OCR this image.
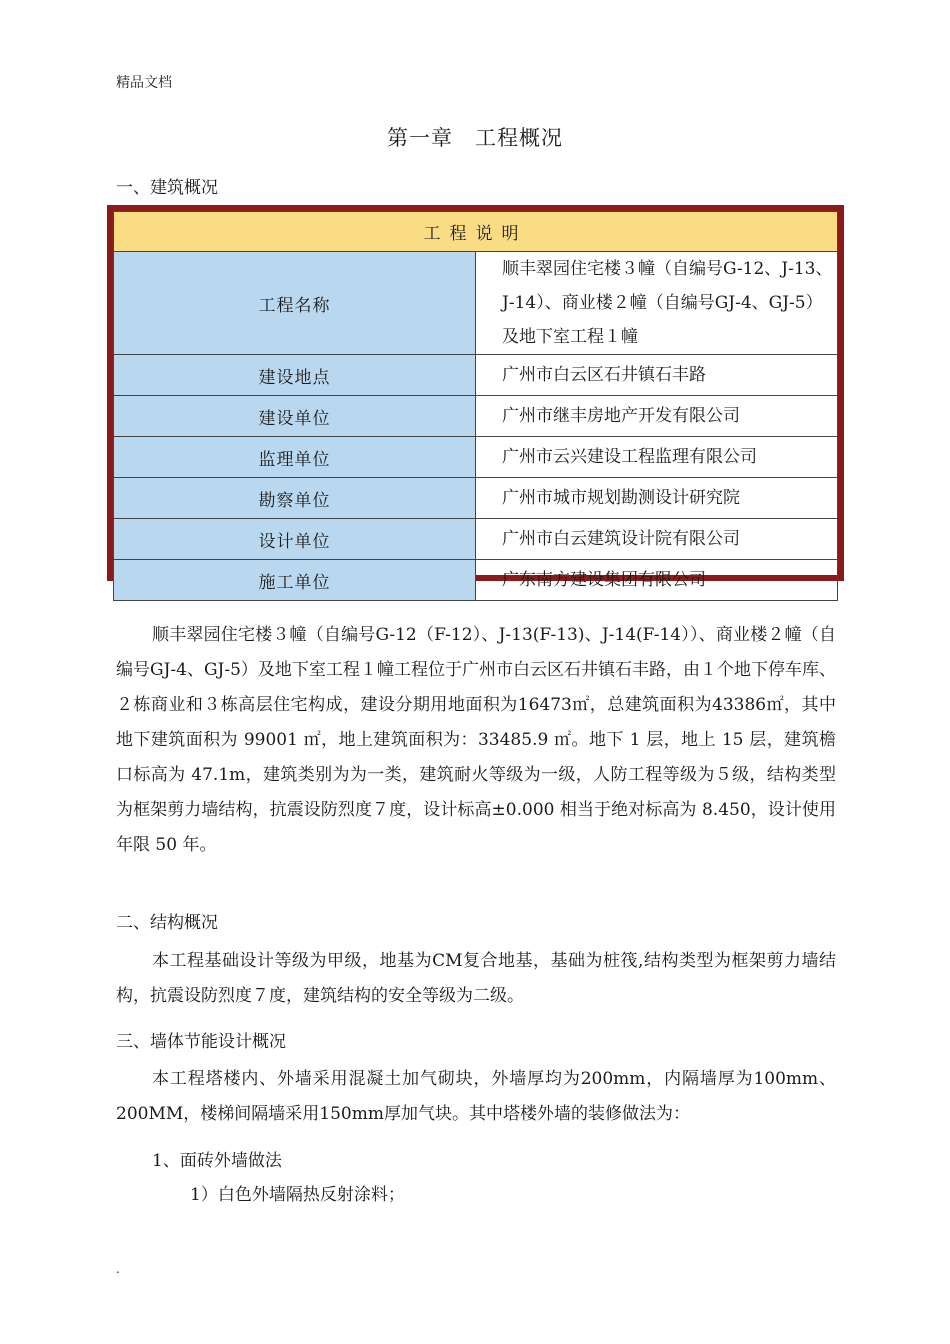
精品文档
第一章　工程概况
一、建筑概况
工程说明	
工程名称	顺丰翠园住宅楼３幢（自编号G-12、J-13、J-14）、商业楼２幢（自编号GJ-4、GJ-5）及地下室工程１幢
建设地点	广州市白云区石井镇石丰路
建设单位	广州市继丰房地产开发有限公司
监理单位	广州市云兴建设工程监理有限公司
勘察单位	广州市城市规划勘测设计研究院
设计单位	广州市白云建筑设计院有限公司
施工单位	广东南方建设集团有限公司
顺丰翠园住宅楼３幢（自编号G-12（F-12）、J-13(F-13)、J-14(F-14））、商业楼２幢（自编号GJ-4、GJ-5）及地下室工程１幢工程位于广州市白云区石井镇石丰路，由１个地下停车库、２栋商业和３栋高层住宅构成，建设分期用地面积为16473㎡，总建筑面积为43386㎡，其中地下建筑面积为 99001 ㎡，地上建筑面积为：33485.9 ㎡。地下 1 层，地上 15 层，建筑檐口标高为 47.1m，建筑类别为为一类，建筑耐火等级为一级，人防工程等级为５级，结构类型为框架剪力墙结构，抗震设防烈度７度，设计标高±0.000 相当于绝对标高为 8.450，设计使用年限 50 年。
二、结构概况
本工程基础设计等级为甲级，地基为CM复合地基，基础为桩筏,结构类型为框架剪力墙结构，抗震设防烈度７度，建筑结构的安全等级为二级。
三、墙体节能设计概况
本工程塔楼内、外墙采用混凝土加气砌块，外墙厚均为200mm，内隔墙厚为100mm、200MM，楼梯间隔墙采用150mm厚加气块。其中塔楼外墙的装修做法为：
1、面砖外墙做法
1）白色外墙隔热反射涂料；
.
